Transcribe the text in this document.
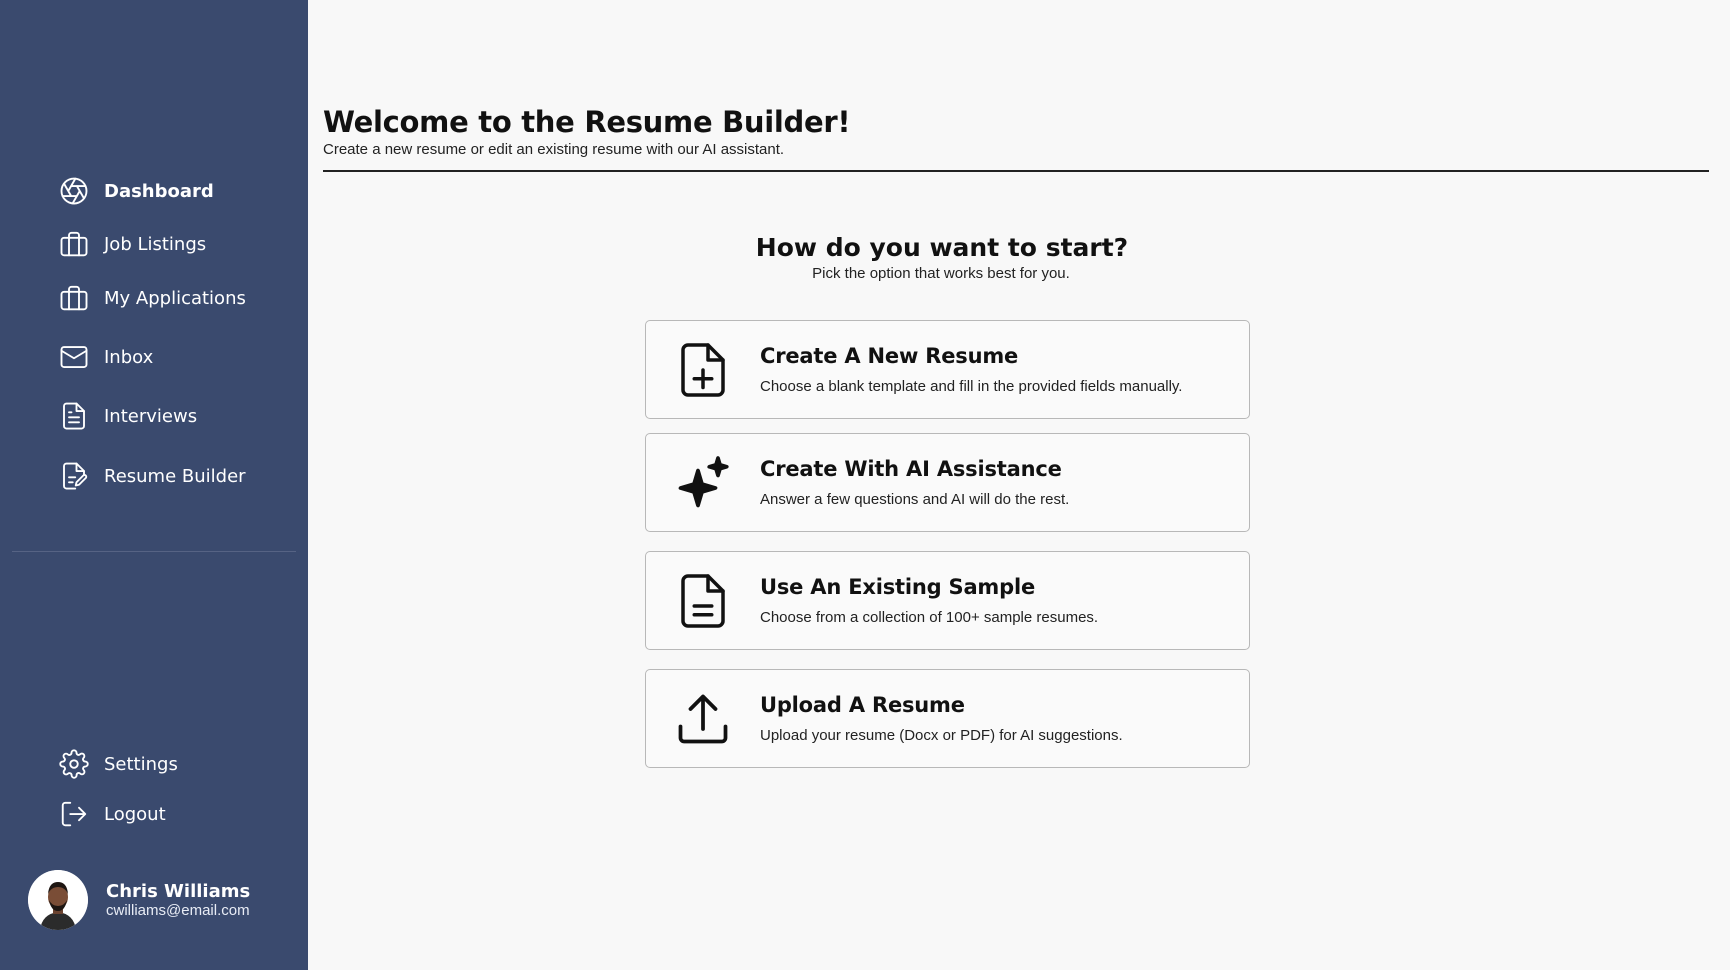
Dashboard
Job Listings
My Applications
Inbox
Interviews
Resume Builder
Settings
Logout
Chris Williams
cwilliams@email.com
Welcome to the Resume Builder!
Create a new resume or edit an existing resume with our AI assistant.
How do you want to start?
Pick the option that works best for you.
Create A New Resume
Choose a blank template and fill in the provided fields manually.
Create With AI Assistance
Answer a few questions and AI will do the rest.
Use An Existing Sample
Choose from a collection of 100+ sample resumes.
Upload A Resume
Upload your resume (Docx or PDF) for AI suggestions.
